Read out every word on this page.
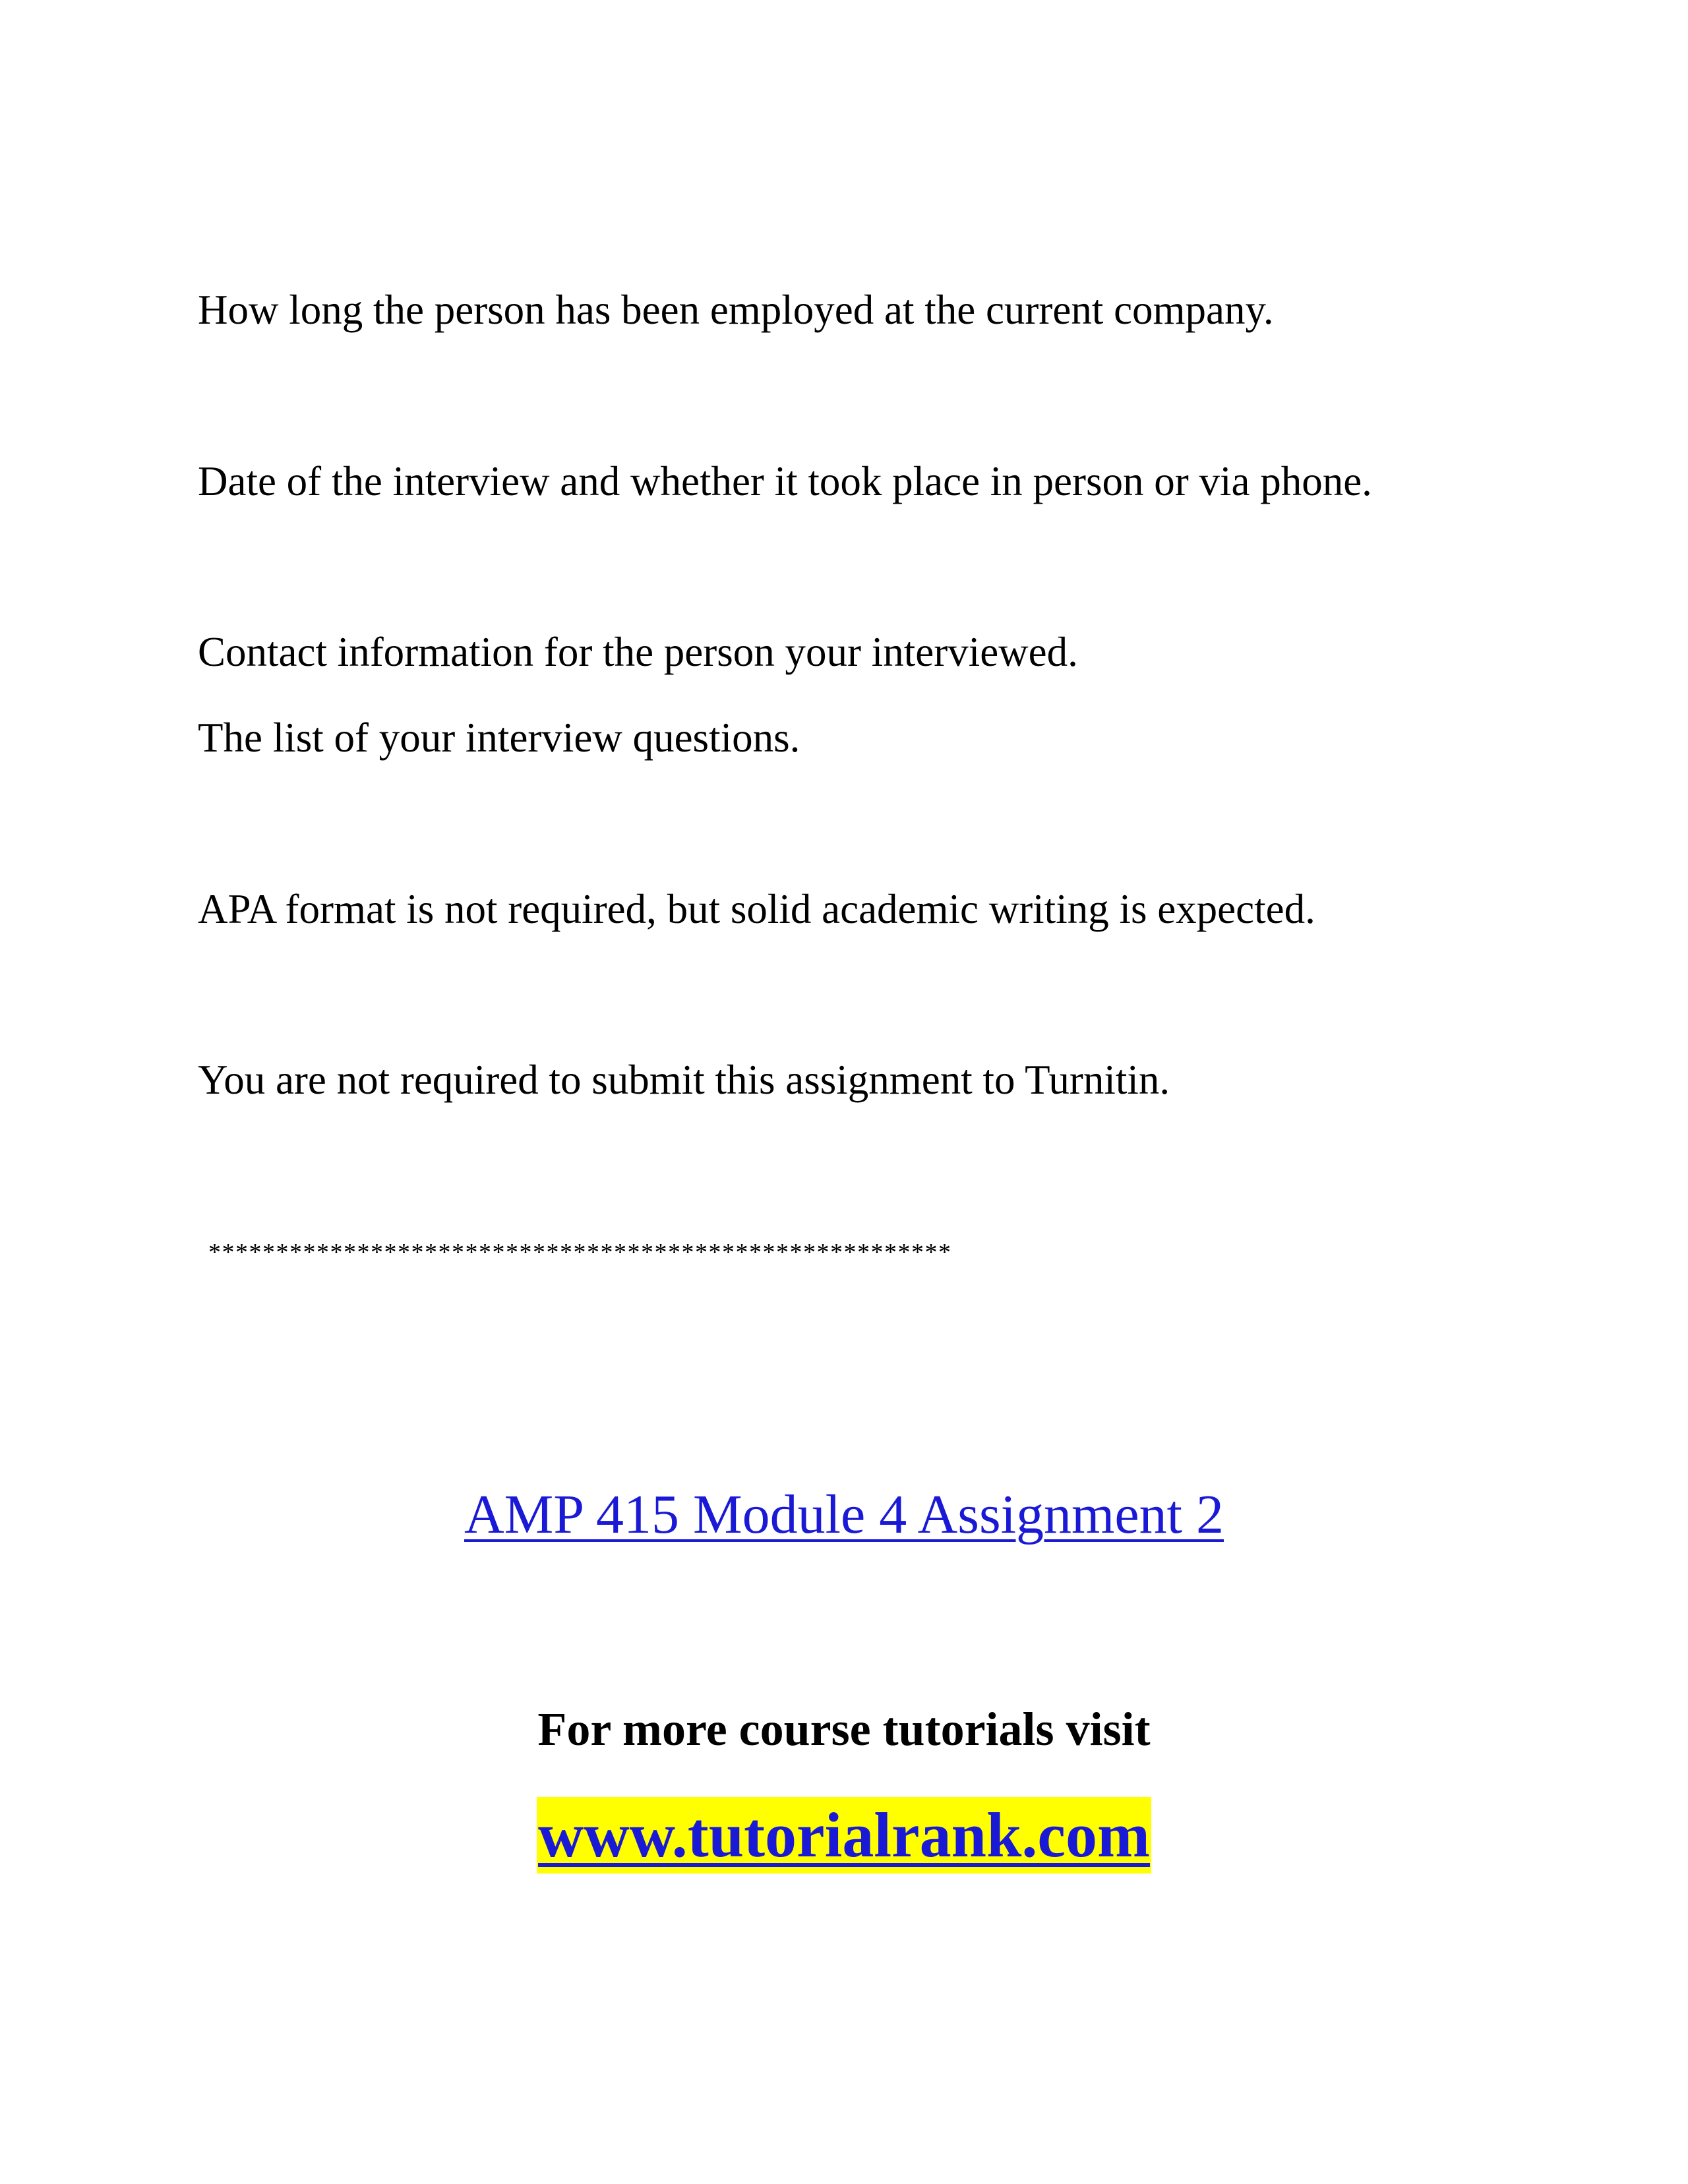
How long the person has been employed at the current company.

Date of the interview and whether it took place in person or via phone.

Contact information for the person your interviewed.

The list of your interview questions.

APA format is not required, but solid academic writing is expected.

You are not required to submit this assignment to Turnitin.

*******************************************************
AMP 415 Module 4 Assignment 2
For more course tutorials visit
www.tutorialrank.com
